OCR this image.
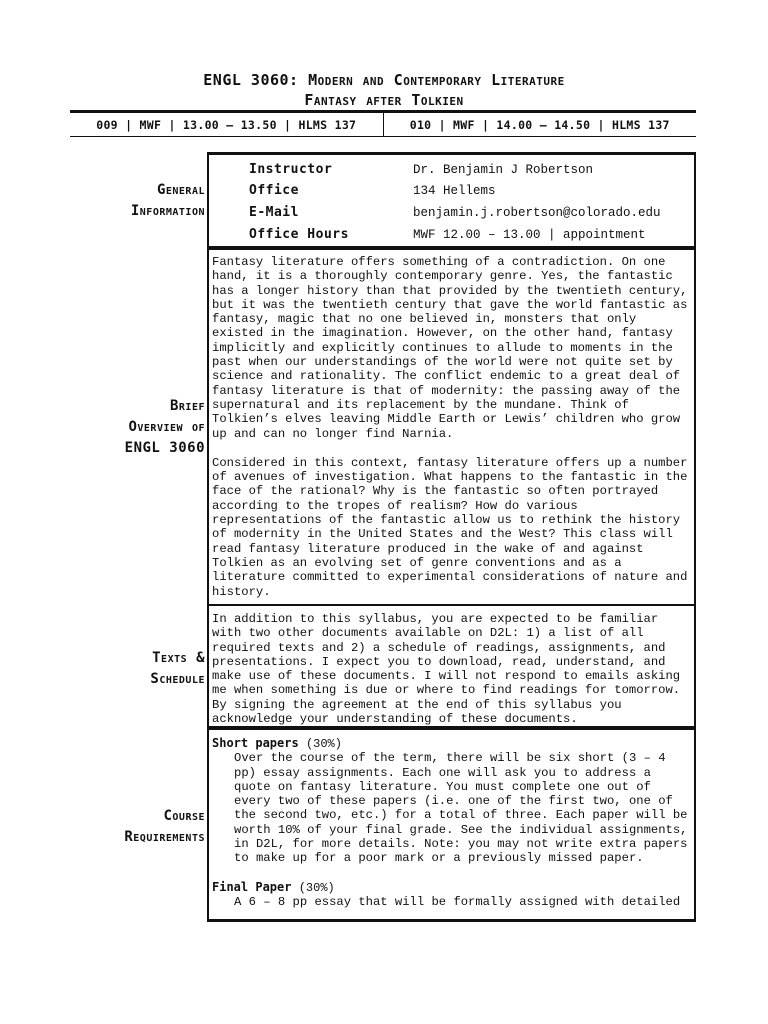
ENGL 3060: Modern and Contemporary Literature
Fantasy after Tolkien
009 | MWF | 13.00 – 13.50 | HLMS 137	010 | MWF | 14.00 – 14.50 | HLMS 137
General
Information
Instructor	Dr. Benjamin J Robertson
Office	134 Hellems
E-Mail	benjamin.j.robertson@colorado.edu
Office Hours	MWF 12.00 – 13.00 | appointment
Brief
Overview of
ENGL 3060

Fantasy literature offers something of a contradiction. On one hand, it is a thoroughly contemporary genre. Yes, the fantastic has a longer history than that provided by the twentieth century, but it was the twentieth century that gave the world fantastic as fantasy, magic that no one believed in, monsters that only existed in the imagination. However, on the other hand, fantasy implicitly and explicitly continues to allude to moments in the past when our understandings of the world were not quite set by science and rationality. The conflict endemic to a great deal of fantasy literature is that of modernity: the passing away of the supernatural and its replacement by the mundane. Think of Tolkien’s elves leaving Middle Earth or Lewis’ children who grow up and can no longer find Narnia.

Considered in this context, fantasy literature offers up a number of avenues of investigation. What happens to the fantastic in the face of the rational? Why is the fantastic so often portrayed according to the tropes of realism? How do various representations of the fantastic allow us to rethink the history of modernity in the United States and the West? This class will read fantasy literature produced in the wake of and against Tolkien as an evolving set of genre conventions and as a literature committed to experimental considerations of nature and history.

Texts &
Schedule

In addition to this syllabus, you are expected to be familiar with two other documents available on D2L: 1) a list of all required texts and 2) a schedule of readings, assignments, and presentations. I expect you to download, read, understand, and make use of these documents. I will not respond to emails asking me when something is due or where to find readings for tomorrow. By signing the agreement at the end of this syllabus you acknowledge your understanding of these documents.

Course
Requirements
Short papers (30%)

Over the course of the term, there will be six short (3 – 4 pp) essay assignments. Each one will ask you to address a quote on fantasy literature. You must complete one out of every two of these papers (i.e. one of the first two, one of the second two, etc.) for a total of three. Each paper will be worth 10% of your final grade. See the individual assignments, in D2L, for more details. Note: you may not write extra papers to make up for a poor mark or a previously missed paper.

Final Paper (30%)

A 6 – 8 pp essay that will be formally assigned with detailed
